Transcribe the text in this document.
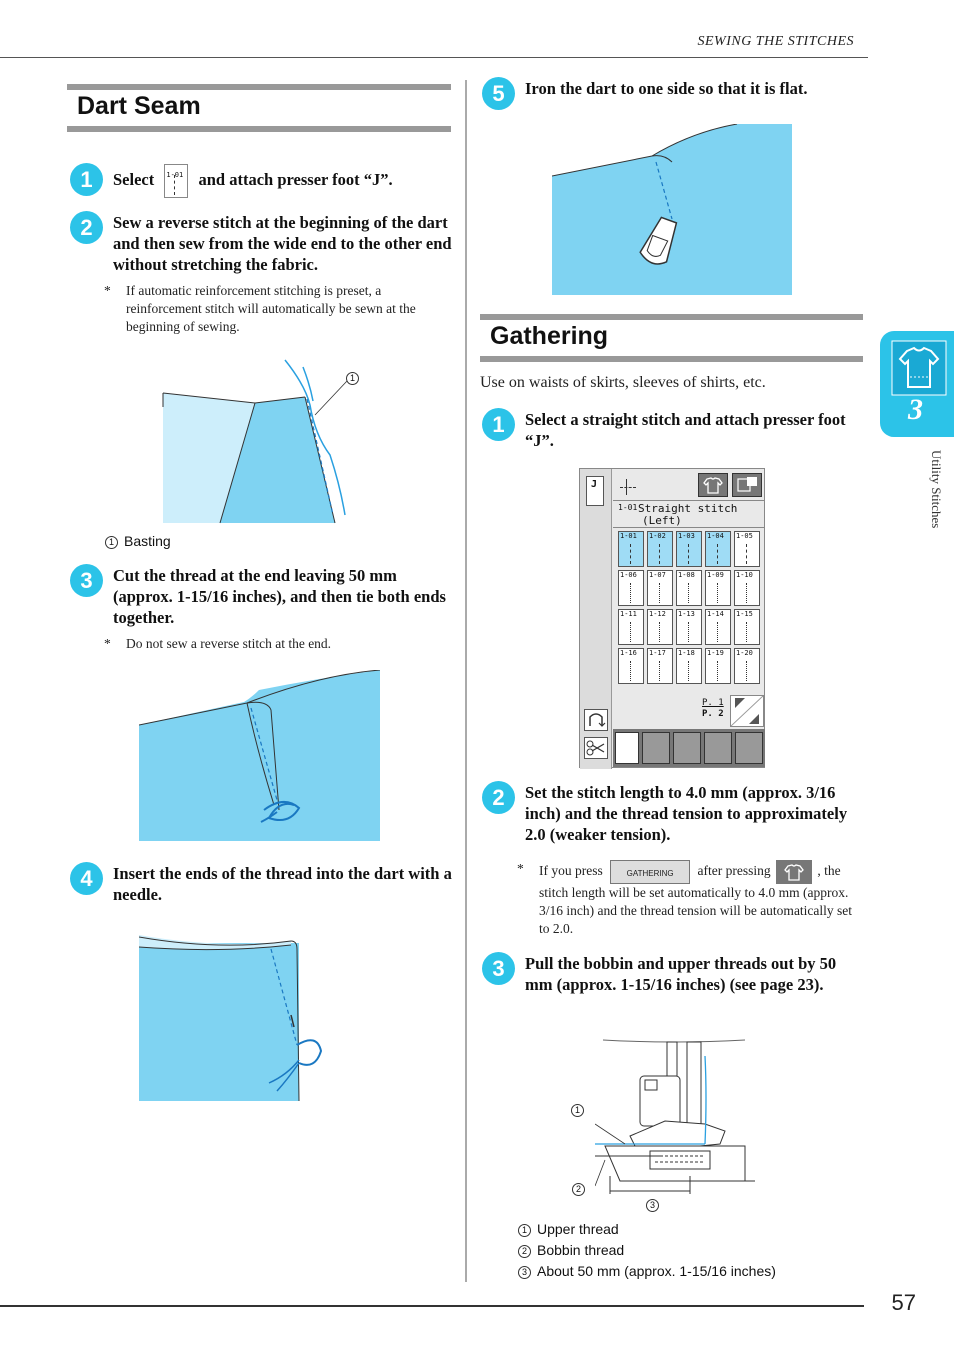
SEWING THE STITCHES
3
Utility Stitches
Dart Seam
1	Select 1-01 and attach presser foot “J”.
2	Sew a reverse stitch at the beginning of the dart and then sew from the wide end to the other end without stretching the fabric.
* If automatic reinforcement stitching is preset, a reinforcement stitch will automatically be sewn at the beginning of sewing.
1
1 Basting
3	Cut the thread at the end leaving 50 mm (approx. 1-15/16 inches), and then tie both ends together.
* Do not sew a reverse stitch at the end.
4	Insert the ends of the thread into the dart with a needle.
5	Iron the dart to one side so that it is flat.
Gathering
Use on waists of skirts, sleeves of shirts, etc.
1	Select a straight stitch and attach presser foot “J”.
J
1-01 Straight stitch
(Left)
1-01 1-02 1-03 1-04 1-05
1-06 1-07 1-08 1-09 1-10
1-11 1-12 1-13 1-14 1-15
1-16 1-17 1-18 1-19 1-20
P. 1
P. 2
2	Set the stitch length to 4.0 mm (approx. 3/16 inch) and the thread tension to approximately 2.0 (weaker tension).
* If you press	GATHERING after pressing	, the stitch length will be set automatically to 4.0 mm (approx. 3/16 inch) and the thread tension will be automatically set to 2.0.
3	Pull the bobbin and upper threads out by 50 mm (approx. 1-15/16 inches) (see page 23).
1
2
3
1 Upper thread
2 Bobbin thread
3 About 50 mm (approx. 1-15/16 inches)
57
